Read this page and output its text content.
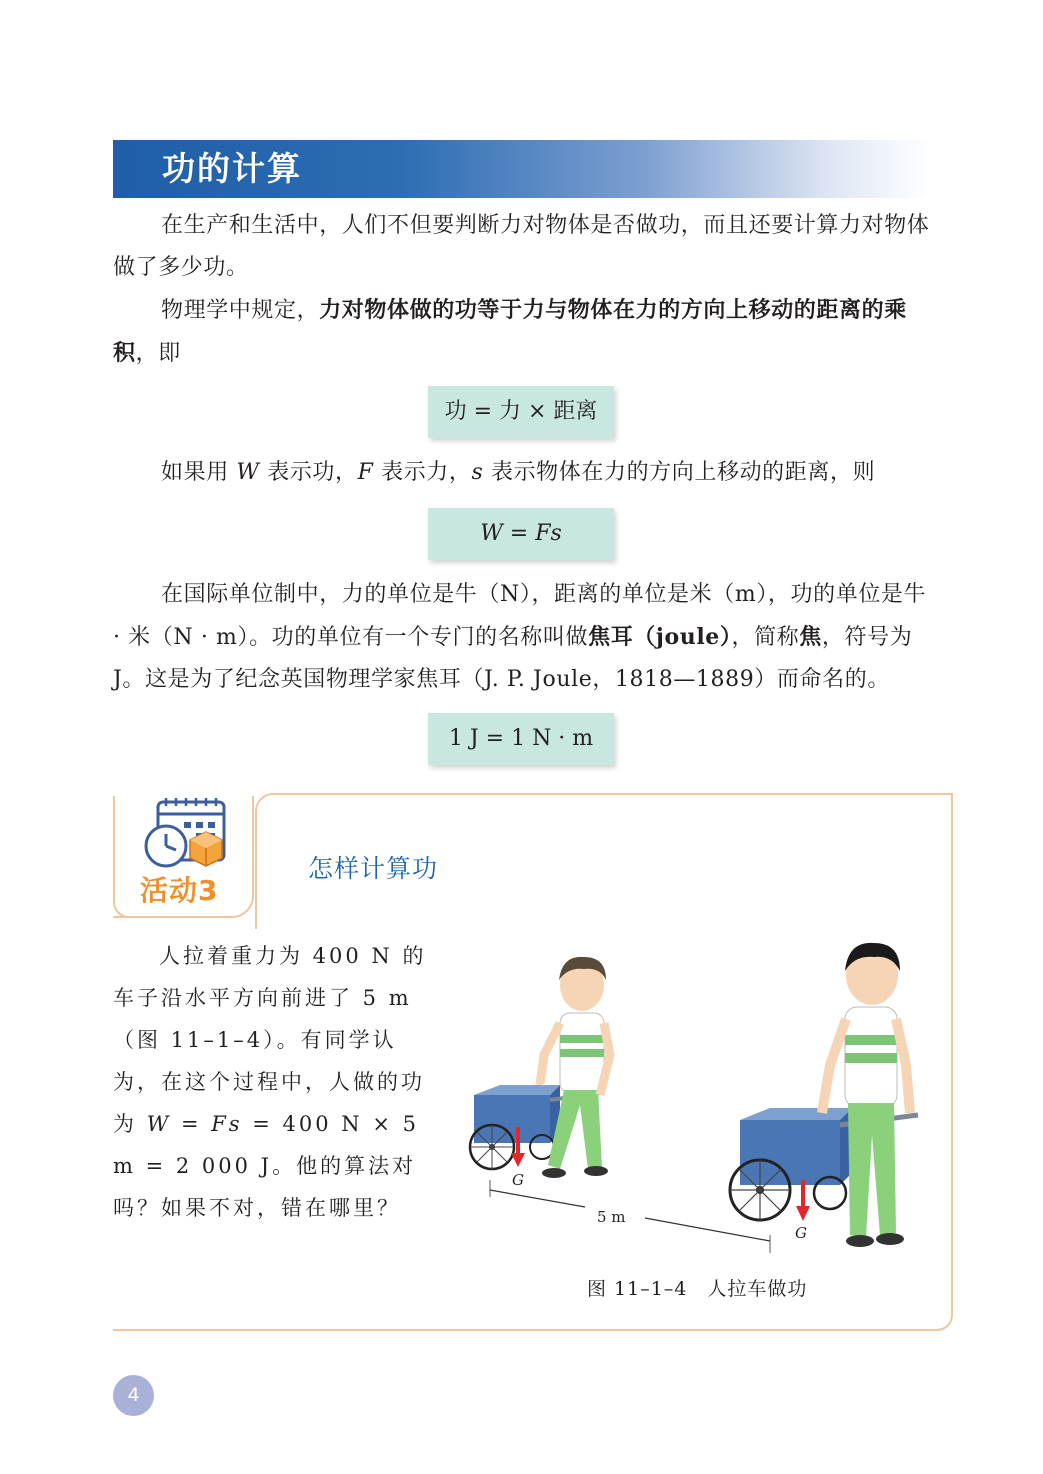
功的计算

在生产和生活中，人们不但要判断力对物体是否做功，而且还要计算力对物体做了多少功。

物理学中规定，力对物体做的功等于力与物体在力的方向上移动的距离的乘积，即

功 = 力 × 距离

如果用 W 表示功，F 表示力，s 表示物体在力的方向上移动的距离，则

W = Fs

在国际单位制中，力的单位是牛（N），距离的单位是米（m），功的单位是牛 · 米（N · m）。功的单位有一个专门的名称叫做焦耳（joule），简称焦，符号为J。这是为了纪念英国物理学家焦耳（J. P. Joule，1818—1889）而命名的。

1 J = 1 N · m
活动3
怎样计算功

人拉着重力为 400 N 的车子沿水平方向前进了 5 m（图 11–1–4）。有同学认为，在这个过程中，人做的功为 W = Fs = 400 N × 5 m = 2 000 J。他的算法对吗？如果不对，错在哪里？

G
G
5 m
图 11–1–4　人拉车做功
4
